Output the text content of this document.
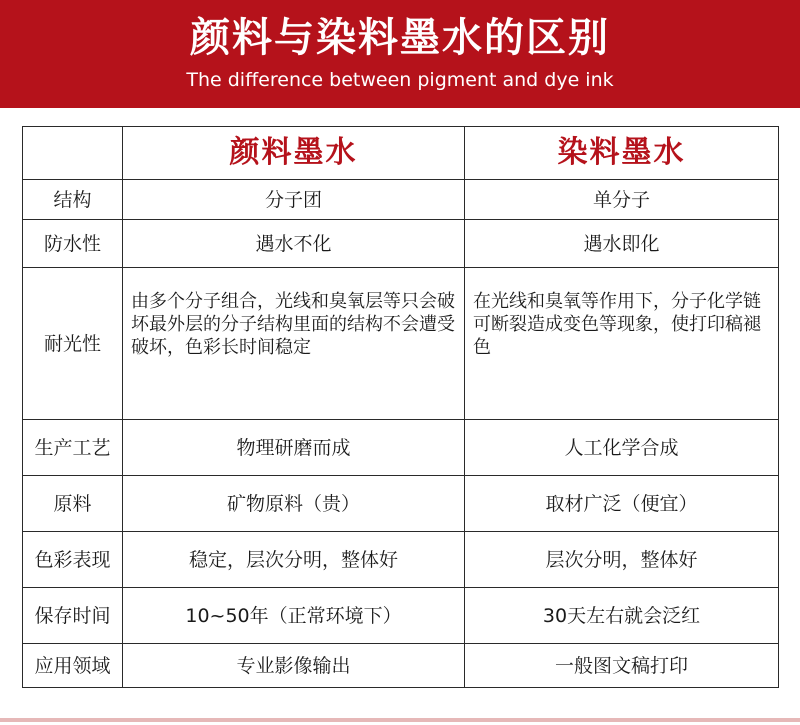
颜料与染料墨水的区别
The difference between pigment and dye ink
	颜料墨水	染料墨水
结构	分子团	单分子
防水性	遇水不化	遇水即化
耐光性	由多个分子组合，光线和臭氧层等只会破坏最外层的分子结构里面的结构不会遭受破坏，色彩长时间稳定	在光线和臭氧等作用下，分子化学链可断裂造成变色等现象，使打印稿褪色
生产工艺	物理研磨而成	人工化学合成
原料	矿物原料（贵）	取材广泛（便宜）
色彩表现	稳定，层次分明，整体好	层次分明，整体好
保存时间	10~50年（正常环境下）	30天左右就会泛红
应用领域	专业影像输出	一般图文稿打印
